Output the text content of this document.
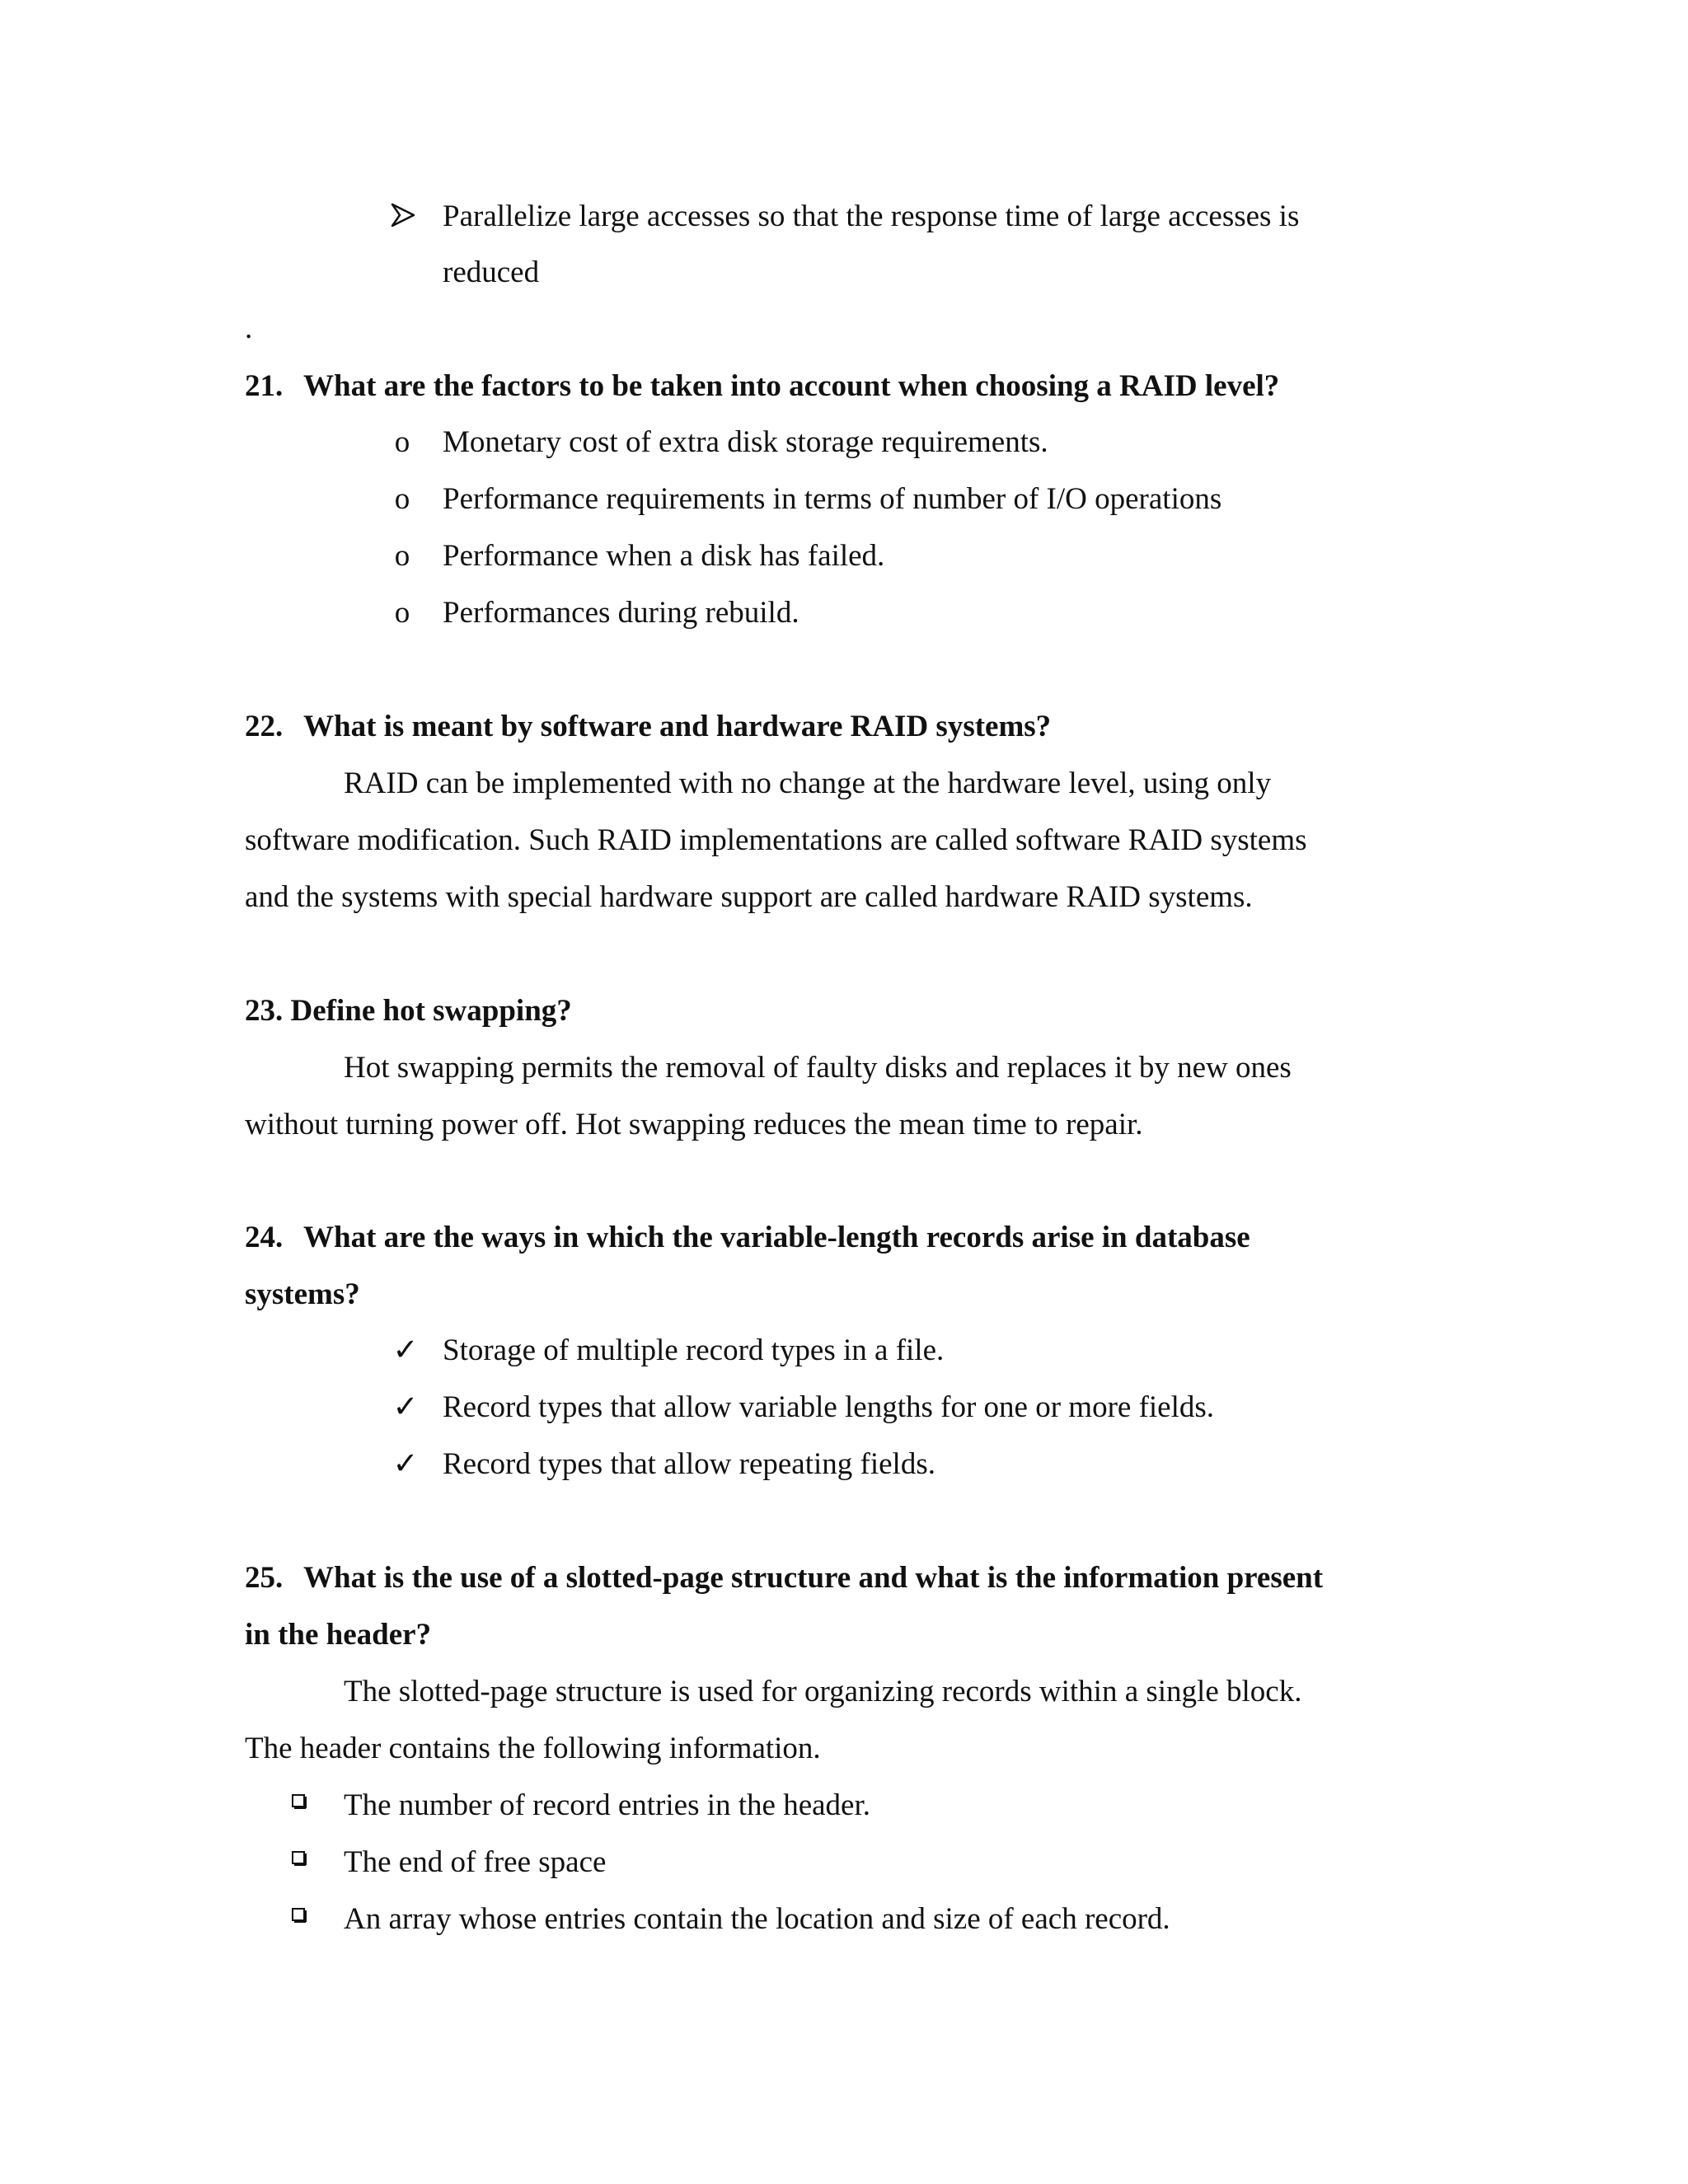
Parallelize large accesses so that the response time of large accesses is
reduced
.
21. What are the factors to be taken into account when choosing a RAID level?
o Monetary cost of extra disk storage requirements.
o Performance requirements in terms of number of I/O operations
o Performance when a disk has failed.
o Performances during rebuild.
22. What is meant by software and hardware RAID systems?
RAID can be implemented with no change at the hardware level, using only
software modification. Such RAID implementations are called software RAID systems
and the systems with special hardware support are called hardware RAID systems.
23. Define hot swapping?
Hot swapping permits the removal of faulty disks and replaces it by new ones
without turning power off. Hot swapping reduces the mean time to repair.
24. What are the ways in which the variable-length records arise in database
systems?
✓ Storage of multiple record types in a file.
✓ Record types that allow variable lengths for one or more fields.
✓ Record types that allow repeating fields.
25. What is the use of a slotted-page structure and what is the information present
in the header?
The slotted-page structure is used for organizing records within a single block.
The header contains the following information.
The number of record entries in the header.
The end of free space
An array whose entries contain the location and size of each record.
